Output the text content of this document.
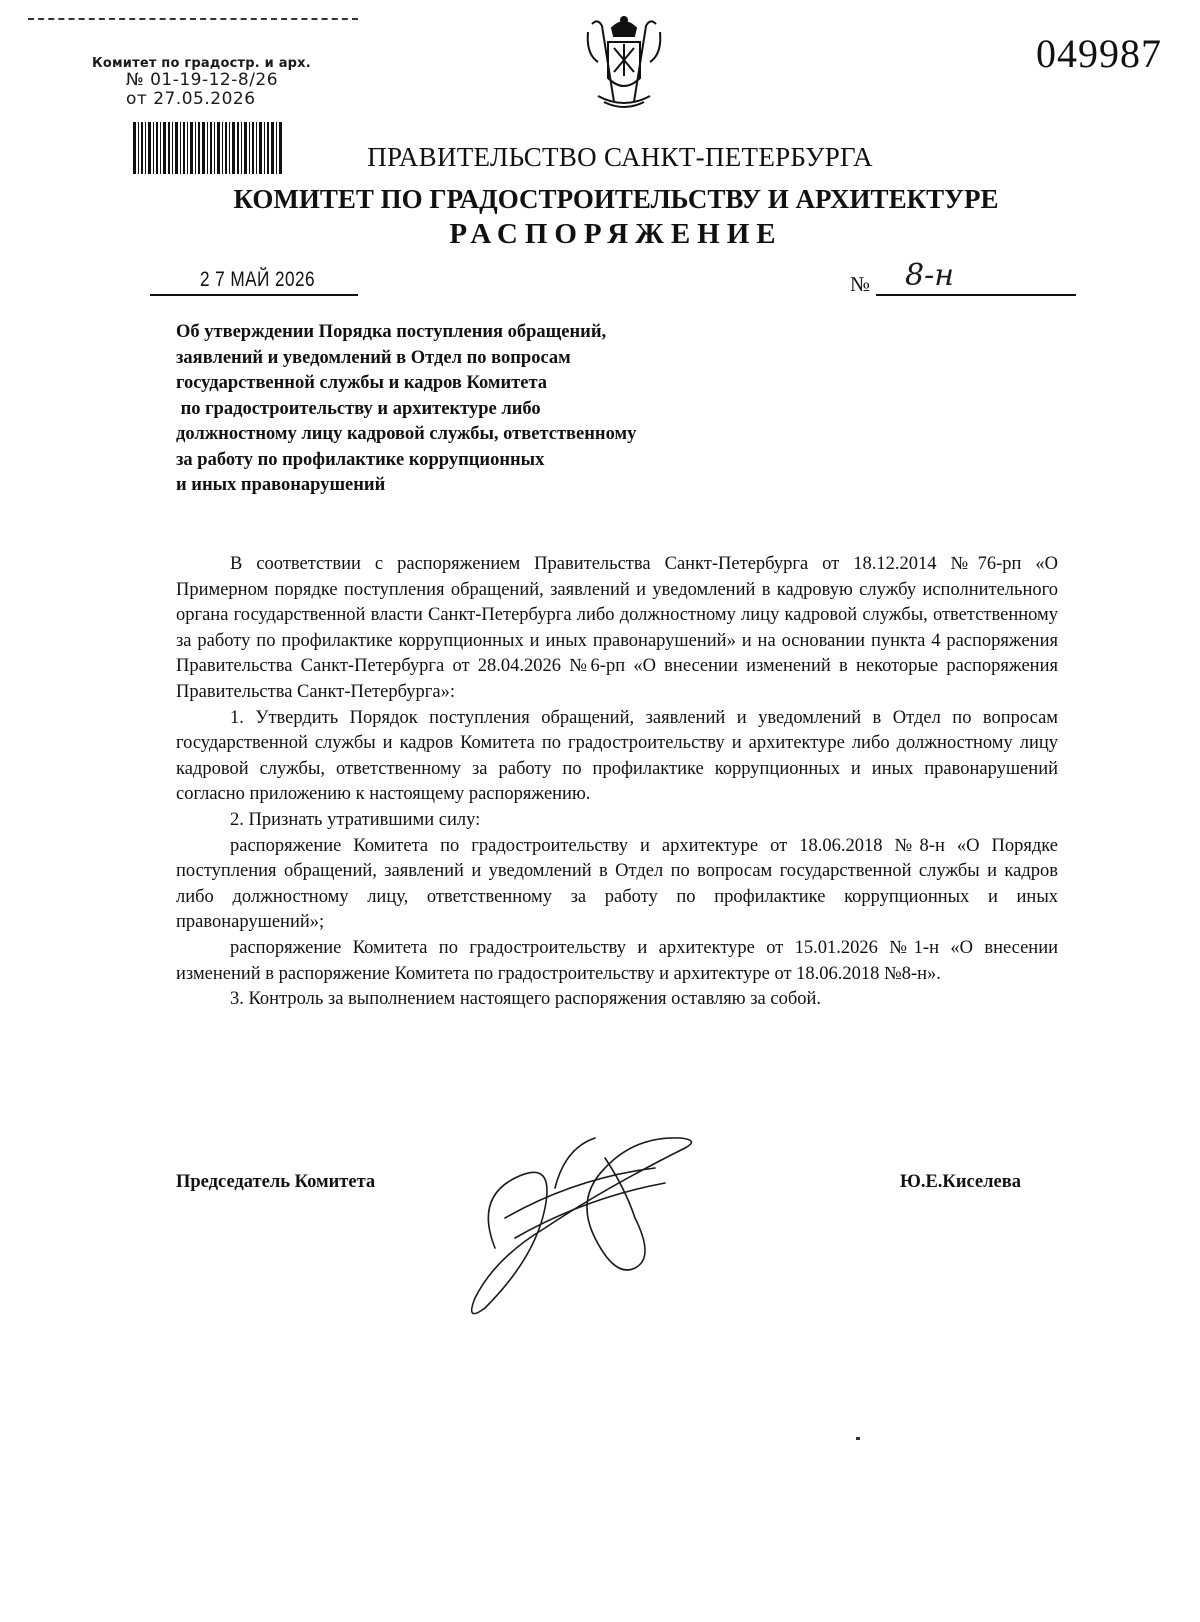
Комитет по градостр. и арх.
№ 01-19-12-8/26
от 27.05.2026
049987
ПРАВИТЕЛЬСТВО САНКТ-ПЕТЕРБУРГА
КОМИТЕТ ПО ГРАДОСТРОИТЕЛЬСТВУ И АРХИТЕКТУРЕ
РАСПОРЯЖЕНИЕ
2 7 МАЙ 2026	№ 8-н
Об утверждении Порядка поступления обращений,
заявлений и уведомлений в Отдел по вопросам
государственной службы и кадров Комитета
по градостроительству и архитектуре либо
должностному лицу кадровой службы, ответственному
за работу по профилактике коррупционных
и иных правонарушений

В соответствии с распоряжением Правительства Санкт-Петербурга от 18.12.2014 №76-рп «О Примерном порядке поступления обращений, заявлений и уведомлений в кадровую службу исполнительного органа государственной власти Санкт-Петербурга либо должностному лицу кадровой службы, ответственному за работу по профилактике коррупционных и иных правонарушений» и на основании пункта 4 распоряжения Правительства Санкт-Петербурга от 28.04.2026 №6-рп «О внесении изменений в некоторые распоряжения Правительства Санкт-Петербурга»:

1. Утвердить Порядок поступления обращений, заявлений и уведомлений в Отдел по вопросам государственной службы и кадров Комитета по градостроительству и архитектуре либо должностному лицу кадровой службы, ответственному за работу по профилактике коррупционных и иных правонарушений согласно приложению к настоящему распоряжению.

2. Признать утратившими силу:

распоряжение Комитета по градостроительству и архитектуре от 18.06.2018 №8-н «О Порядке поступления обращений, заявлений и уведомлений в Отдел по вопросам государственной службы и кадров либо должностному лицу, ответственному за работу по профилактике коррупционных и иных правонарушений»;

распоряжение Комитета по градостроительству и архитектуре от 15.01.2026 №1-н «О внесении изменений в распоряжение Комитета по градостроительству и архитектуре от 18.06.2018 №8-н».

3. Контроль за выполнением настоящего распоряжения оставляю за собой.

Председатель Комитета	Ю.Е.Киселева
